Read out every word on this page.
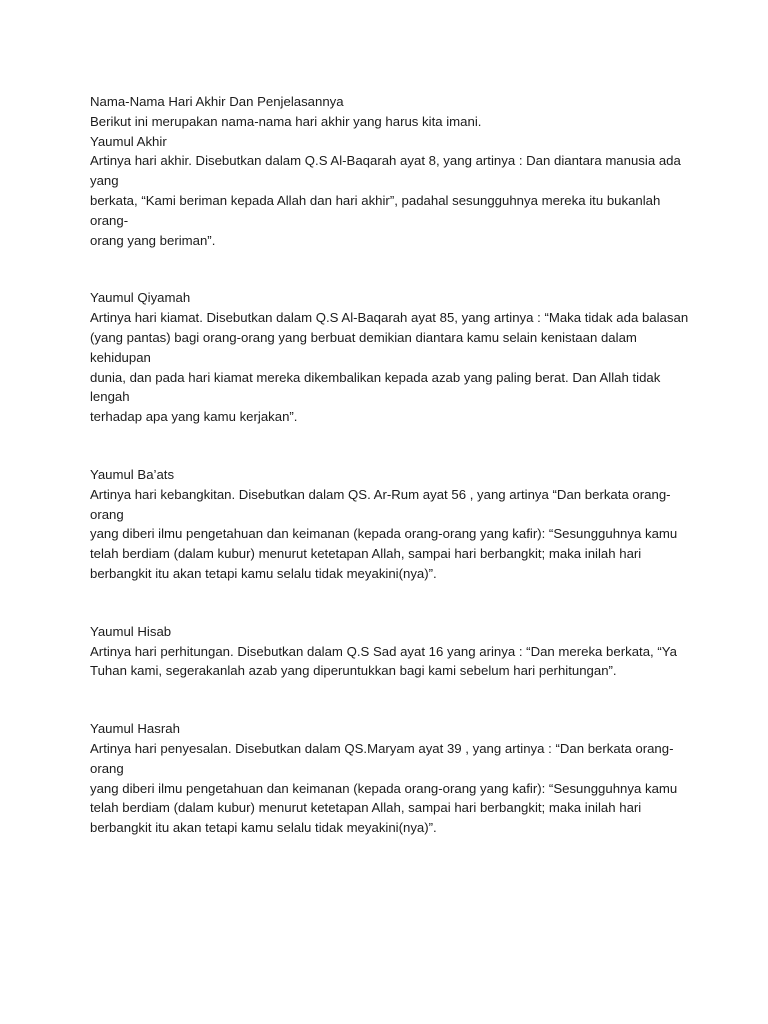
Nama-Nama Hari Akhir Dan Penjelasannya

Berikut ini merupakan nama-nama hari akhir yang harus kita imani.

Yaumul Akhir

Artinya hari akhir. Disebutkan dalam Q.S Al-Baqarah ayat 8, yang artinya : Dan diantara manusia ada yang

berkata, “Kami beriman kepada Allah dan hari akhir”, padahal sesungguhnya mereka itu bukanlah orang-

orang yang beriman”.

Yaumul Qiyamah

Artinya hari kiamat. Disebutkan dalam Q.S Al-Baqarah ayat 85, yang artinya : “Maka tidak ada balasan

(yang pantas) bagi orang-orang yang berbuat demikian diantara kamu selain kenistaan dalam kehidupan

dunia, dan pada hari kiamat mereka dikembalikan kepada azab yang paling berat. Dan Allah tidak lengah

terhadap apa yang kamu kerjakan”.

Yaumul Ba’ats

Artinya hari kebangkitan. Disebutkan dalam QS. Ar-Rum ayat 56 , yang artinya “Dan berkata orang-orang

yang diberi ilmu pengetahuan dan keimanan (kepada orang-orang yang kafir): “Sesungguhnya kamu

telah berdiam (dalam kubur) menurut ketetapan Allah, sampai hari berbangkit; maka inilah hari

berbangkit itu akan tetapi kamu selalu tidak meyakini(nya)”.

Yaumul Hisab

Artinya hari perhitungan. Disebutkan dalam Q.S Sad ayat 16 yang arinya : “Dan mereka berkata, “Ya

Tuhan kami, segerakanlah azab yang diperuntukkan bagi kami sebelum hari perhitungan”.

Yaumul Hasrah

Artinya hari penyesalan. Disebutkan dalam QS.Maryam ayat 39 , yang artinya : “Dan berkata orang-orang

yang diberi ilmu pengetahuan dan keimanan (kepada orang-orang yang kafir): “Sesungguhnya kamu

telah berdiam (dalam kubur) menurut ketetapan Allah, sampai hari berbangkit; maka inilah hari

berbangkit itu akan tetapi kamu selalu tidak meyakini(nya)”.
